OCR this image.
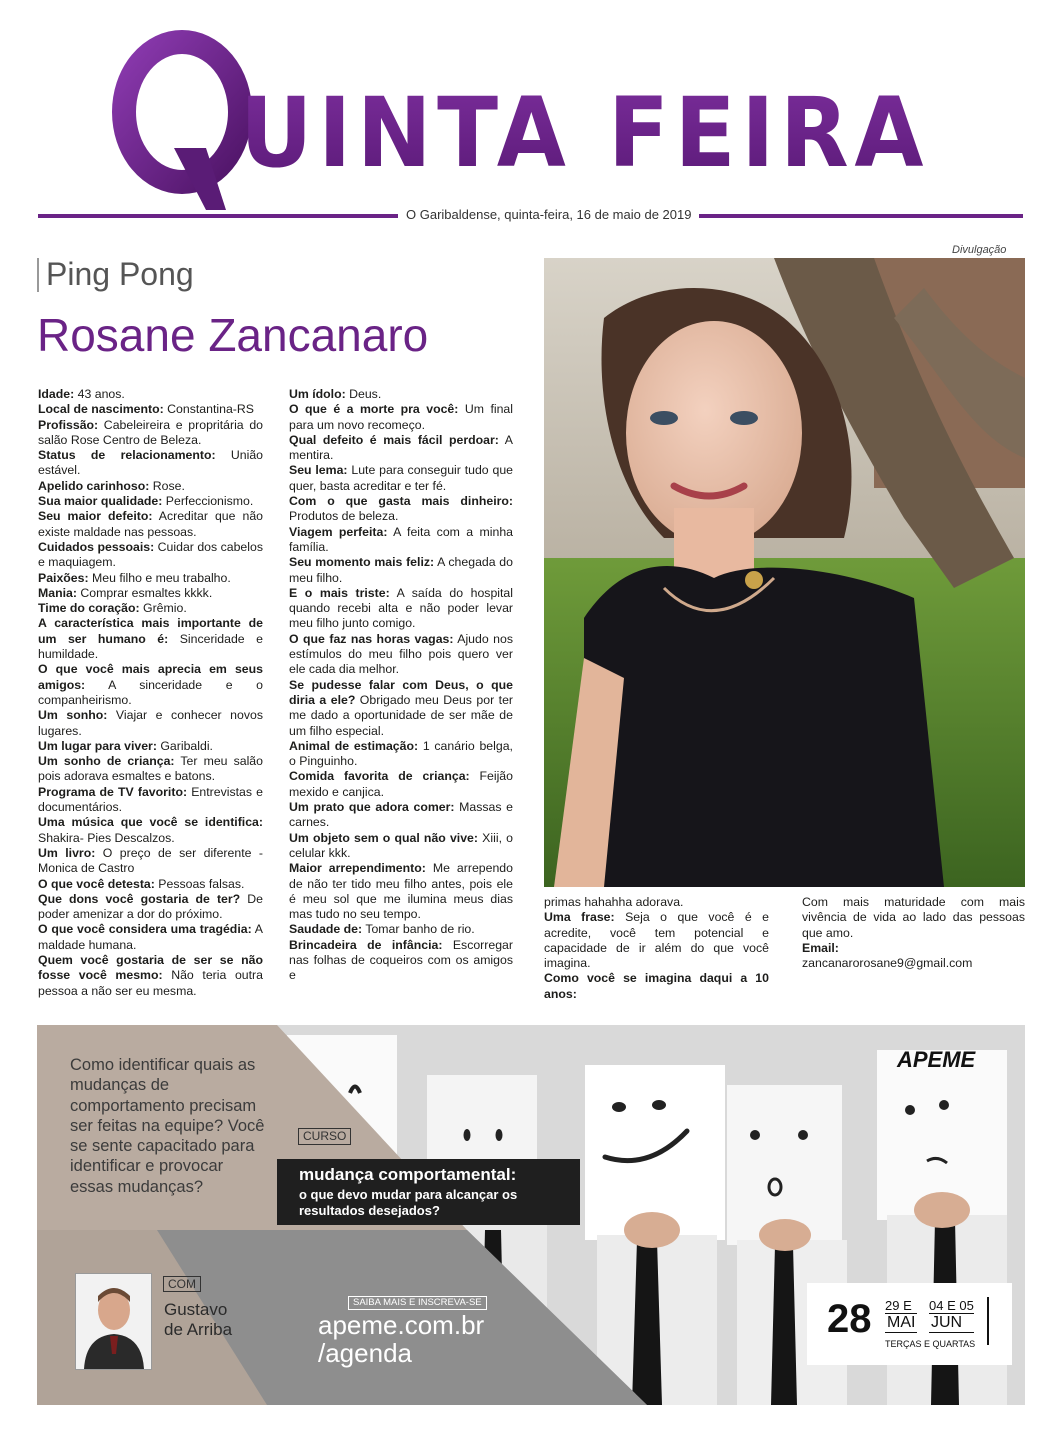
UINTA FEIRA
O Garibaldense, quinta-feira, 16 de maio de 2019
Ping Pong
Rosane Zancanaro
Divulgação

Idade: 43 anos.

Local de nascimento: Constantina-RS

Profissão: Cabeleireira e propritária do salão Rose Centro de Beleza.

Status de relacionamento: União estável.

Apelido carinhoso: Rose.

Sua maior qualidade: Perfeccionismo.

Seu maior defeito: Acreditar que não existe maldade nas pessoas.

Cuidados pessoais: Cuidar dos cabelos e maquiagem.

Paixões: Meu filho e meu trabalho.

Mania: Comprar esmaltes kkkk.

Time do coração: Grêmio.

A característica mais importante de um ser humano é: Sinceridade e humildade.

O que você mais aprecia em seus amigos: A sinceridade e o companheirismo.

Um sonho: Viajar e conhecer novos lugares.

Um lugar para viver: Garibaldi.

Um sonho de criança: Ter meu salão pois adorava esmaltes e batons.

Programa de TV favorito: Entrevistas e documentários.

Uma música que você se identifica: Shakira- Pies Descalzos.

Um livro: O preço de ser diferente - Monica de Castro

O que você detesta: Pessoas falsas.

Que dons você gostaria de ter? De poder amenizar a dor do próximo.

O que você considera uma tragédia: A maldade humana.

Quem você gostaria de ser se não fosse você mesmo: Não teria outra pessoa a não ser eu mesma.

Um ídolo: Deus.

O que é a morte pra você: Um final para um novo recomeço.

Qual defeito é mais fácil perdoar: A mentira.

Seu lema: Lute para conseguir tudo que quer, basta acreditar e ter fé.

Com o que gasta mais dinheiro: Produtos de beleza.

Viagem perfeita: A feita com a minha família.

Seu momento mais feliz: A chegada do meu filho.

E o mais triste: A saída do hospital quando recebi alta e não poder levar meu filho junto comigo.

O que faz nas horas vagas: Ajudo nos estímulos do meu filho pois quero ver ele cada dia melhor.

Se pudesse falar com Deus, o que diria a ele? Obrigado meu Deus por ter me dado a oportunidade de ser mãe de um filho especial.

Animal de estimação: 1 canário belga, o Pinguinho.

Comida favorita de criança: Feijão mexido e canjica.

Um prato que adora comer: Massas e carnes.

Um objeto sem o qual não vive: Xiii, o celular kkk.

Maior arrependimento: Me arrependo de não ter tido meu filho antes, pois ele é meu sol que me ilumina meus dias mas tudo no seu tempo.

Saudade de: Tomar banho de rio.

Brincadeira de infância: Escorregar nas folhas de coqueiros com os amigos e

primas hahahha adorava.

Uma frase: Seja o que você é e acredite, você tem potencial e capacidade de ir além do que você imagina.

Como você se imagina daqui a 10 anos:

Com mais maturidade com mais vivência de vida ao lado das pessoas que amo.

Email:

zancanarorosane9@gmail.com

Como identificar quais as mudanças de comportamento precisam ser feitas na equipe? Você se sente capacitado para identificar e provocar essas mudanças?
CURSO
mudança comportamental:
o que devo mudar para alcançar os resultados desejados?
COM
Gustavo
de Arriba
SAIBA MAIS E INSCREVA-SE
apeme.com.br
/agenda
APEME
28 29 E
MAI
04 E 05
JUN
TERÇAS E QUARTAS
